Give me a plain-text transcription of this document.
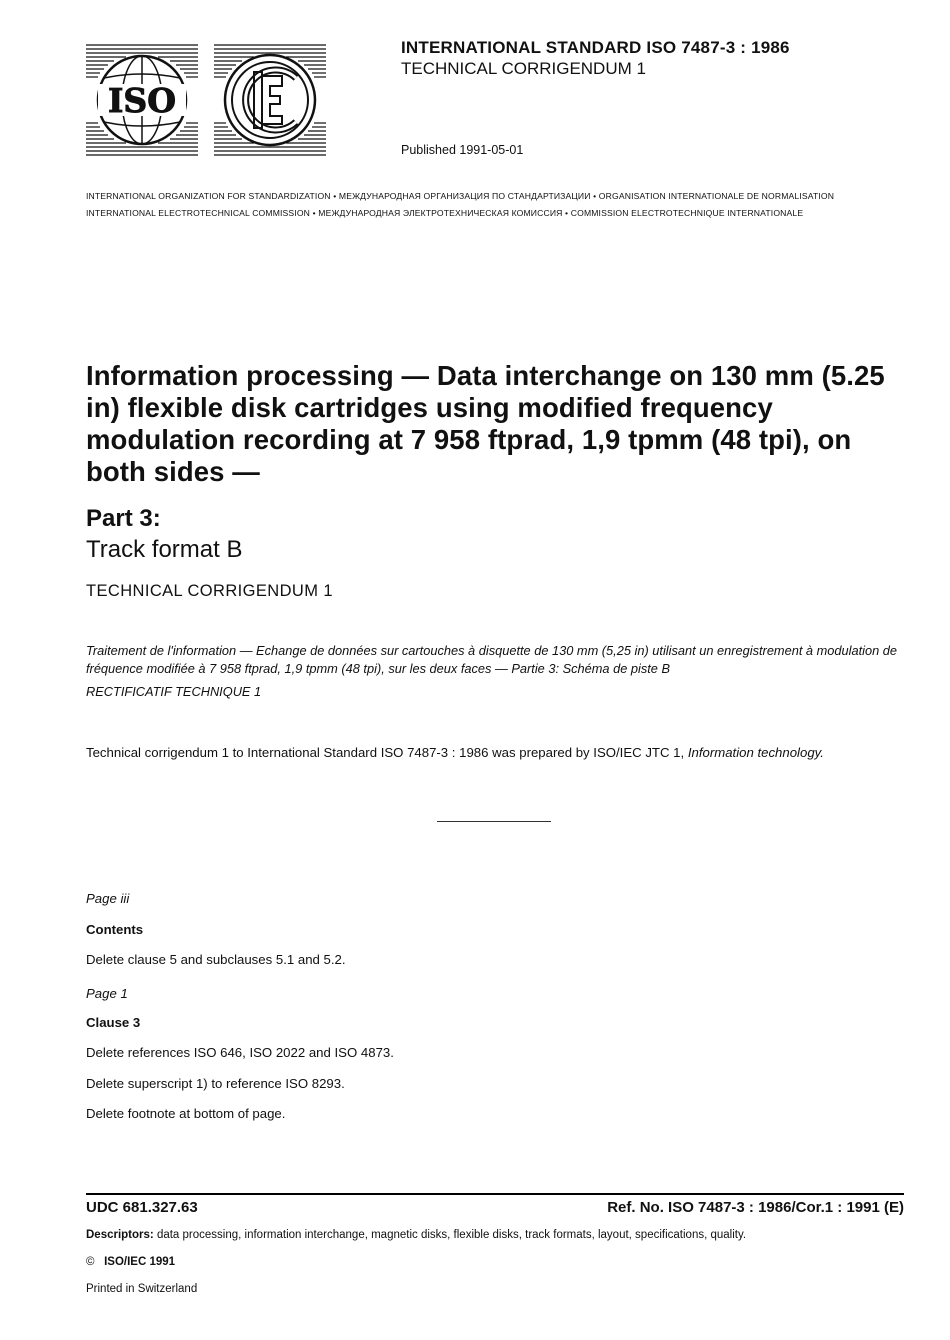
ISO
INTERNATIONAL STANDARD ISO 7487-3 : 1986
TECHNICAL CORRIGENDUM 1
Published 1991-05-01
INTERNATIONAL ORGANIZATION FOR STANDARDIZATION • МЕЖДУНАРОДНАЯ ОРГАНИЗАЦИЯ ПО СТАНДАРТИЗАЦИИ • ORGANISATION INTERNATIONALE DE NORMALISATION
INTERNATIONAL ELECTROTECHNICAL COMMISSION • МЕЖДУНАРОДНАЯ ЭЛЕКТРОТЕХНИЧЕСКАЯ КОМИССИЯ • COMMISSION ELECTROTECHNIQUE INTERNATIONALE
Information processing — Data interchange on 130 mm (5.25 in) flexible disk cartridges using modified frequency modulation recording at 7 958 ftprad, 1,9 tpmm (48 tpi), on both sides —
Part 3:
Track format B
TECHNICAL CORRIGENDUM 1
Traitement de l'information — Echange de données sur cartouches à disquette de 130 mm (5,25 in) utilisant un enregistrement à modulation de fréquence modifiée à 7 958 ftprad, 1,9 tpmm (48 tpi), sur les deux faces — Partie 3: Schéma de piste B
RECTIFICATIF TECHNIQUE 1
Technical corrigendum 1 to International Standard ISO 7487-3 : 1986 was prepared by ISO/IEC JTC 1, Information technology.
Page iii
Contents
Delete clause 5 and subclauses 5.1 and 5.2.
Page 1
Clause 3
Delete references ISO 646, ISO 2022 and ISO 4873.
Delete superscript 1) to reference ISO 8293.
Delete footnote at bottom of page.
UDC 681.327.63	Ref. No. ISO 7487-3 : 1986/Cor.1 : 1991 (E)
Descriptors: data processing, information interchange, magnetic disks, flexible disks, track formats, layout, specifications, quality.
© ISO/IEC 1991
Printed in Switzerland
